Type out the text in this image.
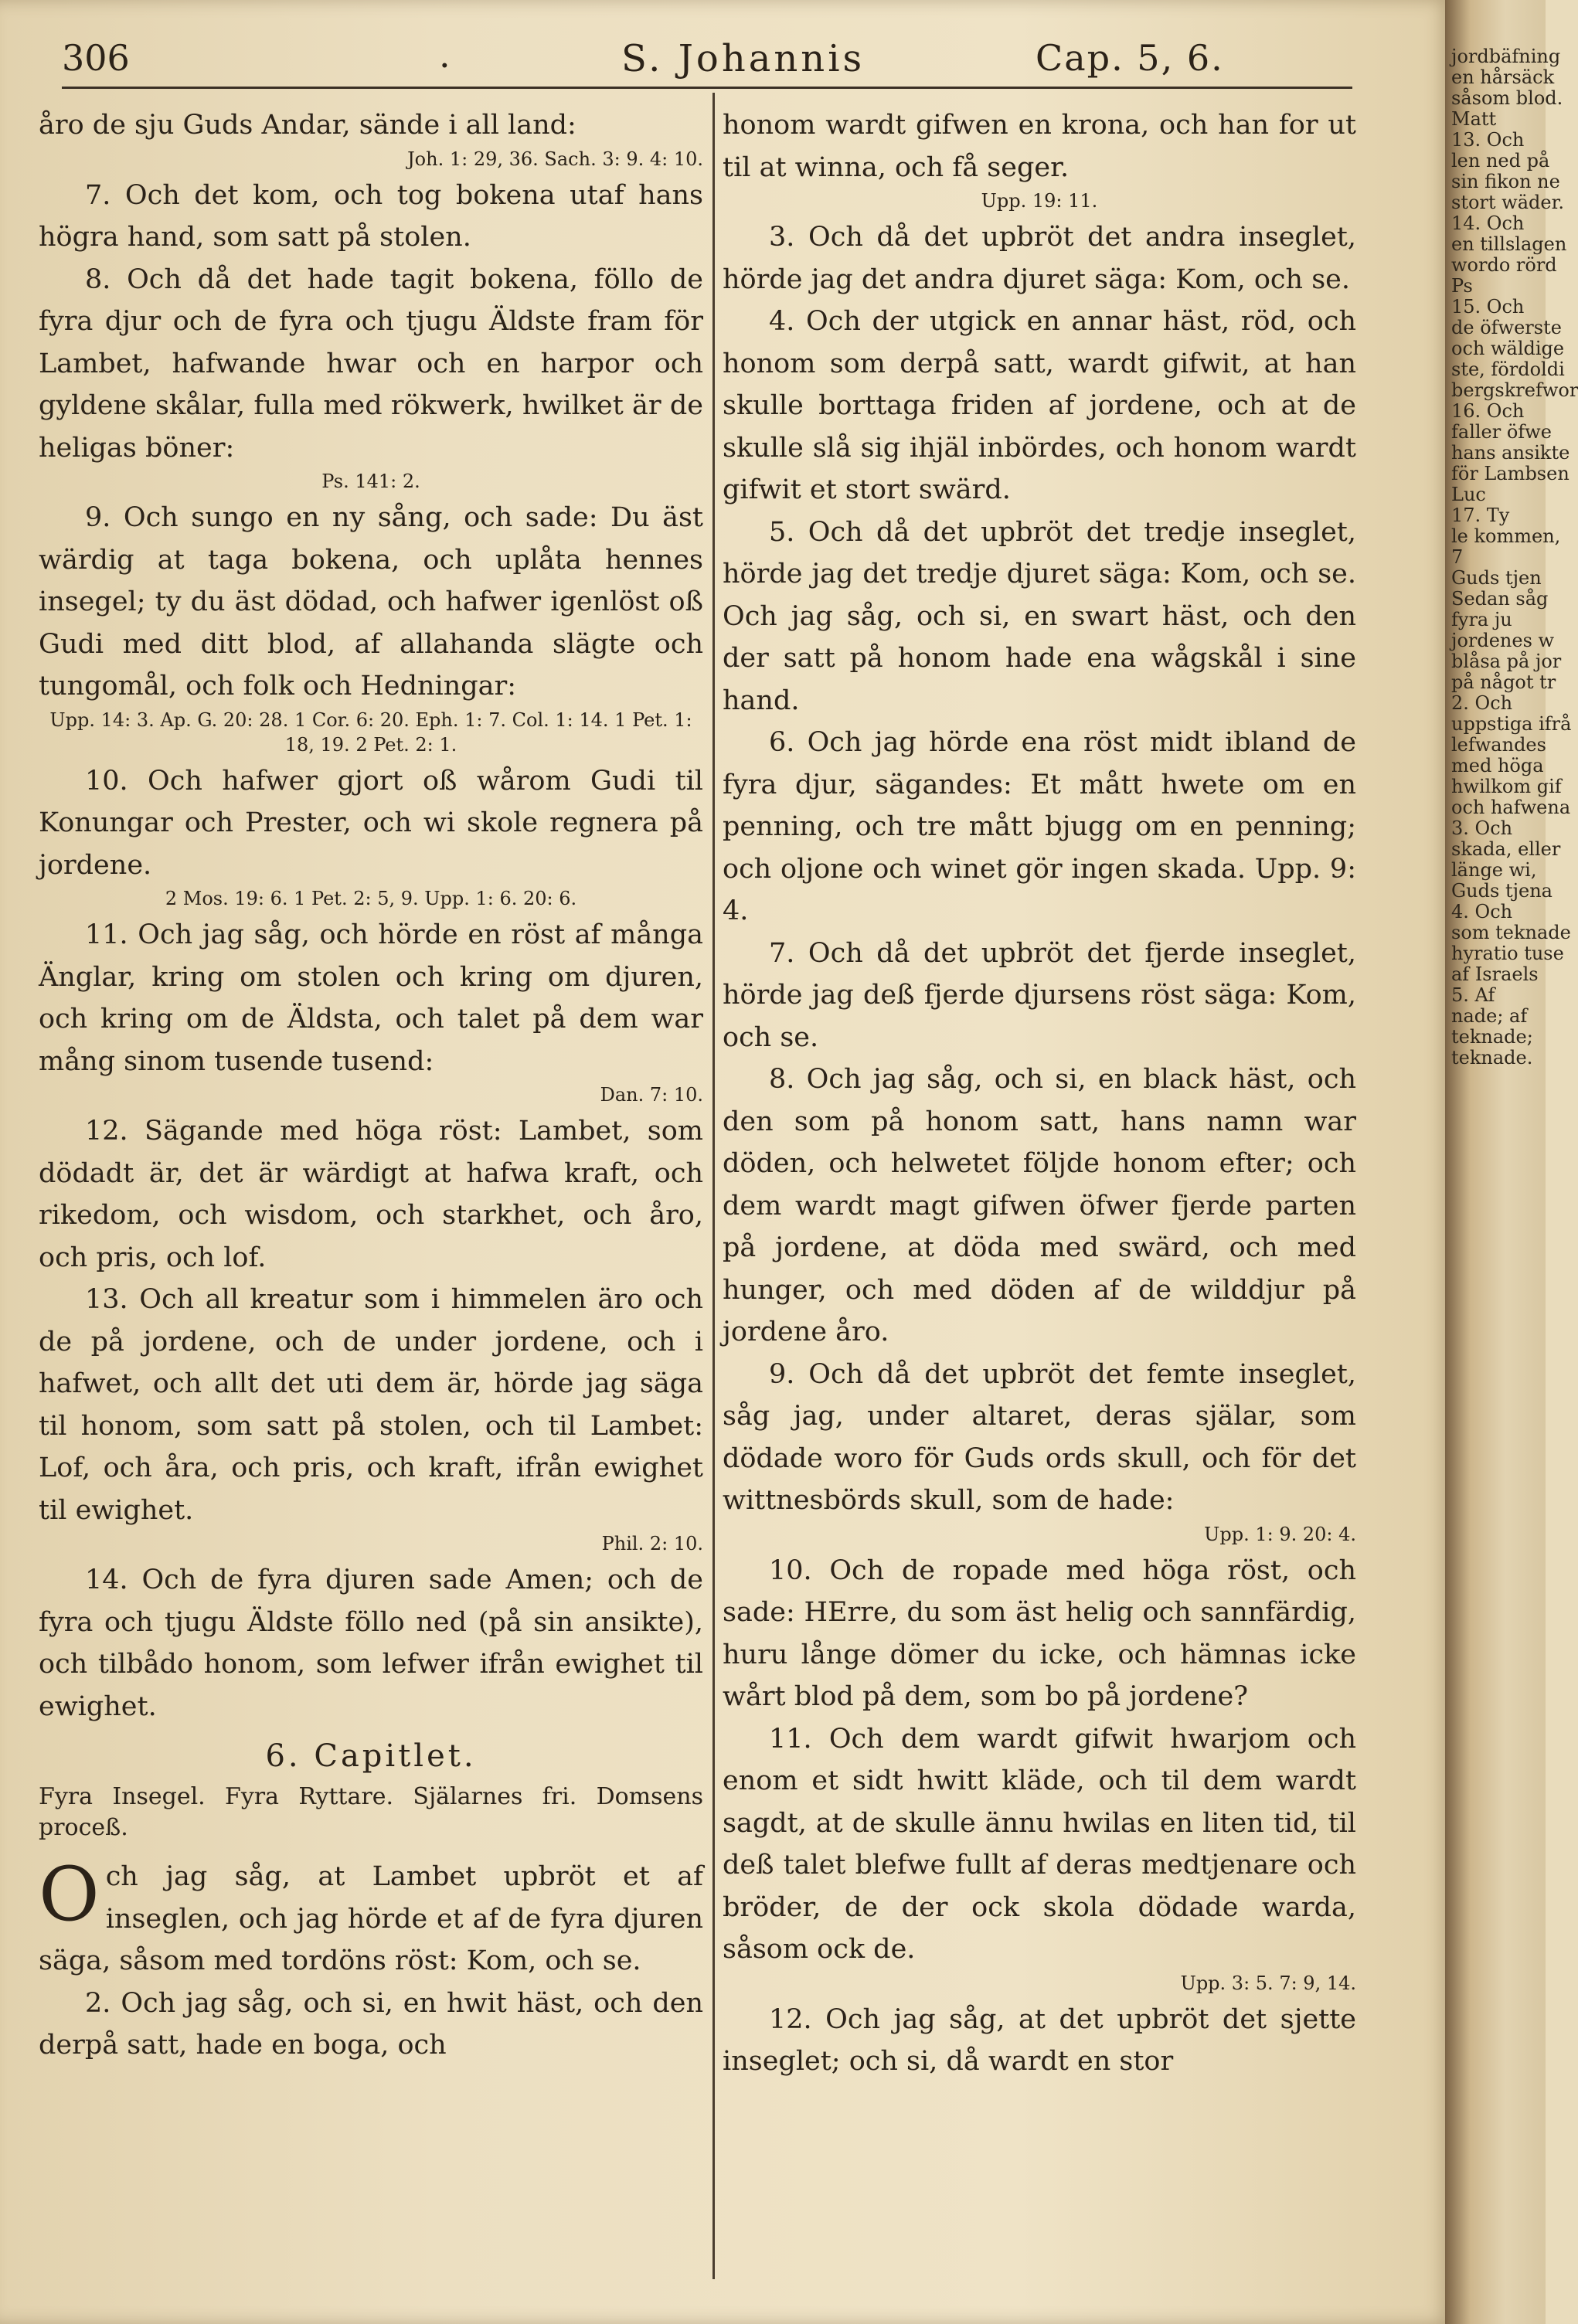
306	.	S. Johannis	Cap. 5, 6.

åro de sju Guds Andar, sände i all land:

Joh. 1: 29, 36. Sach. 3: 9. 4: 10.

7. Och det kom, och tog bokena utaf hans högra hand, som satt på stolen.

8. Och då det hade tagit bokena, föllo de fyra djur och de fyra och tjugu Äldste fram för Lambet, hafwande hwar och en harpor och gyldene skålar, fulla med rökwerk, hwilket är de heligas böner:

Ps. 141: 2.

9. Och sungo en ny sång, och sade: Du äst wärdig at taga bokena, och uplåta hennes insegel; ty du äst dödad, och hafwer igenlöst oß Gudi med ditt blod, af allahanda slägte och tungomål, och folk och Hedningar:

Upp. 14: 3. Ap. G. 20: 28. 1 Cor. 6: 20. Eph. 1: 7. Col. 1: 14. 1 Pet. 1: 18, 19. 2 Pet. 2: 1.

10. Och hafwer gjort oß wårom Gudi til Konungar och Prester, och wi skole regnera på jordene.

2 Mos. 19: 6. 1 Pet. 2: 5, 9. Upp. 1: 6. 20: 6.

11. Och jag såg, och hörde en röst af många Änglar, kring om stolen och kring om djuren, och kring om de Äldsta, och talet på dem war mång sinom tusende tusend:

Dan. 7: 10.

12. Sägande med höga röst: Lambet, som dödadt är, det är wärdigt at hafwa kraft, och rikedom, och wisdom, och starkhet, och åro, och pris, och lof.

13. Och all kreatur som i himmelen äro och de på jordene, och de under jordene, och i hafwet, och allt det uti dem är, hörde jag säga til honom, som satt på stolen, och til Lambet: Lof, och åra, och pris, och kraft, ifrån ewighet til ewighet.

Phil. 2: 10.

14. Och de fyra djuren sade Amen; och de fyra och tjugu Äldste föllo ned (på sin ansikte), och tilbådo honom, som lefwer ifrån ewighet til ewighet.

6. Capitlet.

Fyra Insegel. Fyra Ryttare. Själarnes fri. Domsens proceß.

Och jag såg, at Lambet upbröt et af inseglen, och jag hörde et af de fyra djuren säga, såsom med tordöns röst: Kom, och se.

2. Och jag såg, och si, en hwit häst, och den derpå satt, hade en boga, och

honom wardt gifwen en krona, och han for ut til at winna, och få seger.

Upp. 19: 11.

3. Och då det upbröt det andra inseglet, hörde jag det andra djuret säga: Kom, och se.

4. Och der utgick en annar häst, röd, och honom som derpå satt, wardt gifwit, at han skulle borttaga friden af jordene, och at de skulle slå sig ihjäl inbördes, och honom wardt gifwit et stort swärd.

5. Och då det upbröt det tredje inseglet, hörde jag det tredje djuret säga: Kom, och se. Och jag såg, och si, en swart häst, och den der satt på honom hade ena wågskål i sine hand.

6. Och jag hörde ena röst midt ibland de fyra djur, sägandes: Et mått hwete om en penning, och tre mått bjugg om en penning; och oljone och winet gör ingen skada. Upp. 9: 4.

7. Och då det upbröt det fjerde inseglet, hörde jag deß fjerde djursens röst säga: Kom, och se.

8. Och jag såg, och si, en black häst, och den som på honom satt, hans namn war döden, och helwetet följde honom efter; och dem wardt magt gifwen öfwer fjerde parten på jordene, at döda med swärd, och med hunger, och med döden af de wilddjur på jordene åro.

9. Och då det upbröt det femte inseglet, såg jag, under altaret, deras själar, som dödade woro för Guds ords skull, och för det wittnesbörds skull, som de hade:

Upp. 1: 9. 20: 4.

10. Och de ropade med höga röst, och sade: HErre, du som äst helig och sannfärdig, huru långe dömer du icke, och hämnas icke wårt blod på dem, som bo på jordene?

11. Och dem wardt gifwit hwarjom och enom et sidt hwitt kläde, och til dem wardt sagdt, at de skulle ännu hwilas en liten tid, til deß talet blefwe fullt af deras medtjenare och bröder, de der ock skola dödade warda, såsom ock de.

Upp. 3: 5. 7: 9, 14.

12. Och jag såg, at det upbröt det sjette inseglet; och si, då wardt en stor

jordbäfning
en hårsäck
såsom blod.
Matt
13. Och
len ned på
sin fikon ne
stort wäder.
14. Och
en tillslagen
wordo rörd
Ps
15. Och
de öfwerste
och wäldige
ste, fördoldi
bergskrefwor
16. Och
faller öfwe
hans ansikte
för Lambsen
Luc
17. Ty
le kommen,
7
Guds tjen
Sedan såg
fyra ju
jordenes w
blåsa på jor
på något tr
2. Och
uppstiga ifrå
lefwandes
med höga
hwilkom gif
och hafwena
3. Och
skada, eller
länge wi,
Guds tjena
4. Och
som teknade
hyratio tuse
af Israels
5. Af
nade; af
teknade;
teknade.
